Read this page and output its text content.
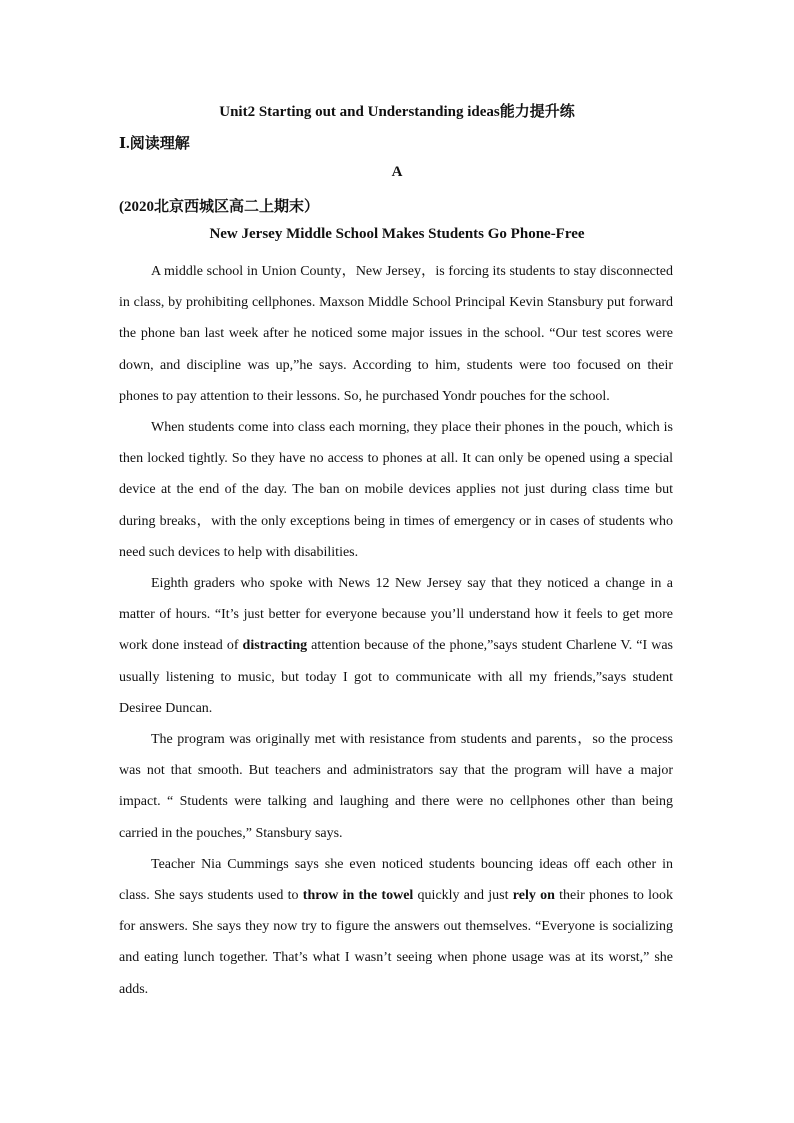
Unit2 Starting out and Understanding ideas能力提升练
Ⅰ.阅读理解
A
(2020北京西城区高二上期末）
New Jersey Middle School Makes Students Go Phone-Free

A middle school in Union County，New Jersey，is forcing its students to stay disconnected in class, by prohibiting cellphones. Maxson Middle School Principal Kevin Stansbury put forward the phone ban last week after he noticed some major issues in the school. “Our test scores were down, and discipline was up,”he says. According to him, students were too focused on their phones to pay attention to their lessons. So, he purchased Yondr pouches for the school.

When students come into class each morning, they place their phones in the pouch, which is then locked tightly. So they have no access to phones at all. It can only be opened using a special device at the end of the day. The ban on mobile devices applies not just during class time but during breaks，with the only exceptions being in times of emergency or in cases of students who need such devices to help with disabilities.

Eighth graders who spoke with News 12 New Jersey say that they noticed a change in a matter of hours. “It’s just better for everyone because you’ll understand how it feels to get more work done instead of distracting attention because of the phone,”says student Charlene V. “I was usually listening to music, but today I got to communicate with all my friends,”says student Desiree Duncan.

The program was originally met with resistance from students and parents，so the process was not that smooth. But teachers and administrators say that the program will have a major impact. “ Students were talking and laughing and there were no cellphones other than being carried in the pouches,” Stansbury says.

Teacher Nia Cummings says she even noticed students bouncing ideas off each other in class. She says students used to throw in the towel quickly and just rely on their phones to look for answers. She says they now try to figure the answers out themselves. “Everyone is socializing and eating lunch together. That’s what I wasn’t seeing when phone usage was at its worst,” she adds.
